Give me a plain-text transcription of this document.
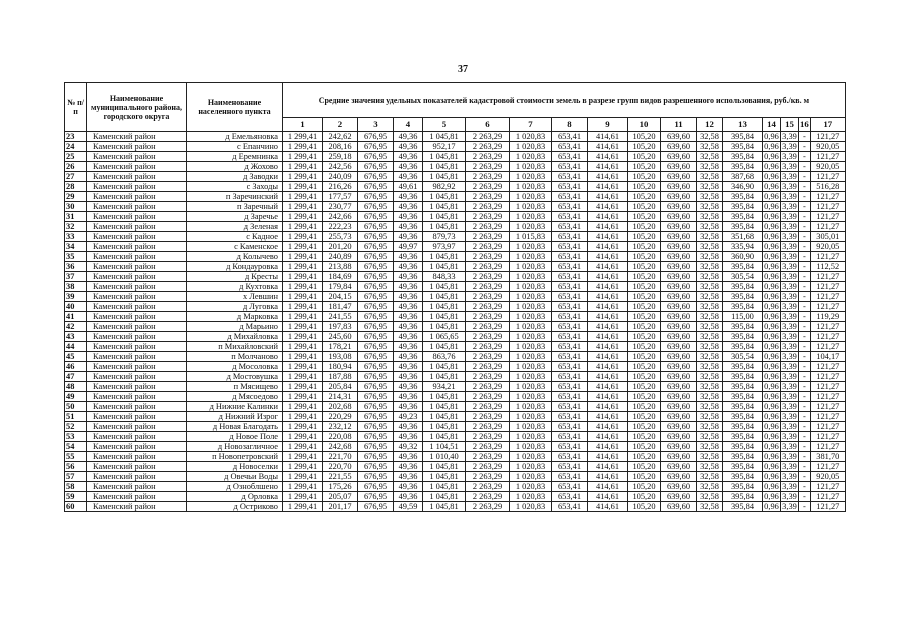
37
№ п/п	Наименование муниципального района, городского округа	Наименование населенного пункта	Средние значения удельных показателей кадастровой стоимости земель в разрезе групп видов разрешенного использования, руб./кв. м																
			1	2	3	4	5	6	7	8	9	10	11	12	13	14	15	16	17
23	Каменский район	д Емельяновка	1 299,41	242,62	676,95	49,36	1 045,81	2 263,29	1 020,83	653,41	414,61	105,20	639,60	32,58	395,84	0,96	3,39	-	121,27
24	Каменский район	с Епанчино	1 299,41	208,16	676,95	49,36	952,17	2 263,29	1 020,83	653,41	414,61	105,20	639,60	32,58	395,84	0,96	3,39	-	920,05
25	Каменский район	д Еремнинка	1 299,41	259,18	676,95	49,36	1 045,81	2 263,29	1 020,83	653,41	414,61	105,20	639,60	32,58	395,84	0,96	3,39	-	121,27
26	Каменский район	д Жохово	1 299,41	242,56	676,95	49,36	1 045,81	2 263,29	1 020,83	653,41	414,61	105,20	639,60	32,58	395,84	0,96	3,39	-	920,05
27	Каменский район	д Заводки	1 299,41	240,09	676,95	49,36	1 045,81	2 263,29	1 020,83	653,41	414,61	105,20	639,60	32,58	387,68	0,96	3,39	-	121,27
28	Каменский район	с Заходы	1 299,41	216,26	676,95	49,61	982,92	2 263,29	1 020,83	653,41	414,61	105,20	639,60	32,58	346,90	0,96	3,39	-	516,28
29	Каменский район	п Заречинский	1 299,41	177,57	676,95	49,36	1 045,81	2 263,29	1 020,83	653,41	414,61	105,20	639,60	32,58	395,84	0,96	3,39	-	121,27
30	Каменский район	п Заречный	1 299,41	230,77	676,95	49,36	1 045,81	2 263,29	1 020,83	653,41	414,61	105,20	639,60	32,58	395,84	0,96	3,39	-	121,27
31	Каменский район	д Заречье	1 299,41	242,66	676,95	49,36	1 045,81	2 263,29	1 020,83	653,41	414,61	105,20	639,60	32,58	395,84	0,96	3,39	-	121,27
32	Каменский район	д Зеленая	1 299,41	222,23	676,95	49,36	1 045,81	2 263,29	1 020,83	653,41	414,61	105,20	639,60	32,58	395,84	0,96	3,39	-	121,27
33	Каменский район	с Кадное	1 299,41	255,73	676,95	49,36	879,73	2 263,29	1 015,83	653,41	414,61	105,20	639,60	32,58	351,68	0,96	3,39	-	305,01
34	Каменский район	с Каменское	1 299,41	201,20	676,95	49,97	973,97	2 263,29	1 020,83	653,41	414,61	105,20	639,60	32,58	335,94	0,96	3,39	-	920,05
35	Каменский район	д Колычево	1 299,41	240,89	676,95	49,36	1 045,81	2 263,29	1 020,83	653,41	414,61	105,20	639,60	32,58	360,90	0,96	3,39	-	121,27
36	Каменский район	д Кондауровка	1 299,41	213,88	676,95	49,36	1 045,81	2 263,29	1 020,83	653,41	414,61	105,20	639,60	32,58	395,84	0,96	3,39	-	112,52
37	Каменский район	д Кресты	1 299,41	184,69	676,95	49,36	848,33	2 263,29	1 020,83	653,41	414,61	105,20	639,60	32,58	305,54	0,96	3,39	-	121,27
38	Каменский район	д Кухтовка	1 299,41	179,84	676,95	49,36	1 045,81	2 263,29	1 020,83	653,41	414,61	105,20	639,60	32,58	395,84	0,96	3,39	-	121,27
39	Каменский район	х Левшин	1 299,41	204,15	676,95	49,36	1 045,81	2 263,29	1 020,83	653,41	414,61	105,20	639,60	32,58	395,84	0,96	3,39	-	121,27
40	Каменский район	д Луговка	1 299,41	181,47	676,95	49,36	1 045,81	2 263,29	1 020,83	653,41	414,61	105,20	639,60	32,58	395,84	0,96	3,39	-	121,27
41	Каменский район	д Марковка	1 299,41	241,55	676,95	49,36	1 045,81	2 263,29	1 020,83	653,41	414,61	105,20	639,60	32,58	115,00	0,96	3,39	-	119,29
42	Каменский район	д Марьино	1 299,41	197,83	676,95	49,36	1 045,81	2 263,29	1 020,83	653,41	414,61	105,20	639,60	32,58	395,84	0,96	3,39	-	121,27
43	Каменский район	д Михайловка	1 299,41	245,60	676,95	49,36	1 065,65	2 263,29	1 020,83	653,41	414,61	105,20	639,60	32,58	395,84	0,96	3,39	-	121,27
44	Каменский район	п Михайловский	1 299,41	178,21	676,95	49,36	1 045,81	2 263,29	1 020,83	653,41	414,61	105,20	639,60	32,58	395,84	0,96	3,39	-	121,27
45	Каменский район	п Молчаново	1 299,41	193,08	676,95	49,36	863,76	2 263,29	1 020,83	653,41	414,61	105,20	639,60	32,58	305,54	0,96	3,39	-	104,17
46	Каменский район	д Мосоловка	1 299,41	180,94	676,95	49,36	1 045,81	2 263,29	1 020,83	653,41	414,61	105,20	639,60	32,58	395,84	0,96	3,39	-	121,27
47	Каменский район	д Мостовушка	1 299,41	187,88	676,95	49,36	1 045,81	2 263,29	1 020,83	653,41	414,61	105,20	639,60	32,58	395,84	0,96	3,39	-	121,27
48	Каменский район	п Мясищево	1 299,41	205,84	676,95	49,36	934,21	2 263,29	1 020,83	653,41	414,61	105,20	639,60	32,58	395,84	0,96	3,39	-	121,27
49	Каменский район	д Мясоедово	1 299,41	214,31	676,95	49,36	1 045,81	2 263,29	1 020,83	653,41	414,61	105,20	639,60	32,58	395,84	0,96	3,39	-	121,27
50	Каменский район	д Нижние Калинки	1 299,41	202,68	676,95	49,36	1 045,81	2 263,29	1 020,83	653,41	414,61	105,20	639,60	32,58	395,84	0,96	3,39	-	121,27
51	Каменский район	д Нижний Изрог	1 299,41	220,29	676,95	49,23	1 045,81	2 263,29	1 020,83	653,41	414,61	105,20	639,60	32,58	395,84	0,96	3,39	-	121,27
52	Каменский район	д Новая Благодать	1 299,41	232,12	676,95	49,36	1 045,81	2 263,29	1 020,83	653,41	414,61	105,20	639,60	32,58	395,84	0,96	3,39	-	121,27
53	Каменский район	д Новое Поле	1 299,41	220,08	676,95	49,36	1 045,81	2 263,29	1 020,83	653,41	414,61	105,20	639,60	32,58	395,84	0,96	3,39	-	121,27
54	Каменский район	д Новозагличное	1 299,41	242,68	676,95	49,32	1 104,51	2 263,29	1 020,83	653,41	414,61	105,20	639,60	32,58	395,84	0,96	3,39	-	121,27
55	Каменский район	п Новопетровский	1 299,41	221,70	676,95	49,36	1 010,40	2 263,29	1 020,83	653,41	414,61	105,20	639,60	32,58	395,84	0,96	3,39	-	381,70
56	Каменский район	д Новоселки	1 299,41	220,70	676,95	49,36	1 045,81	2 263,29	1 020,83	653,41	414,61	105,20	639,60	32,58	395,84	0,96	3,39	-	121,27
57	Каменский район	д Овечьи Воды	1 299,41	221,55	676,95	49,36	1 045,81	2 263,29	1 020,83	653,41	414,61	105,20	639,60	32,58	395,84	0,96	3,39	-	920,05
58	Каменский район	д Озноблшено	1 299,41	175,26	676,95	49,36	1 045,81	2 263,29	1 020,83	653,41	414,61	105,20	639,60	32,58	395,84	0,96	3,39	-	121,27
59	Каменский район	д Орловка	1 299,41	205,07	676,95	49,36	1 045,81	2 263,29	1 020,83	653,41	414,61	105,20	639,60	32,58	395,84	0,96	3,39	-	121,27
60	Каменский район	д Остриково	1 299,41	201,17	676,95	49,59	1 045,81	2 263,29	1 020,83	653,41	414,61	105,20	639,60	32,58	395,84	0,96	3,39	-	121,27
